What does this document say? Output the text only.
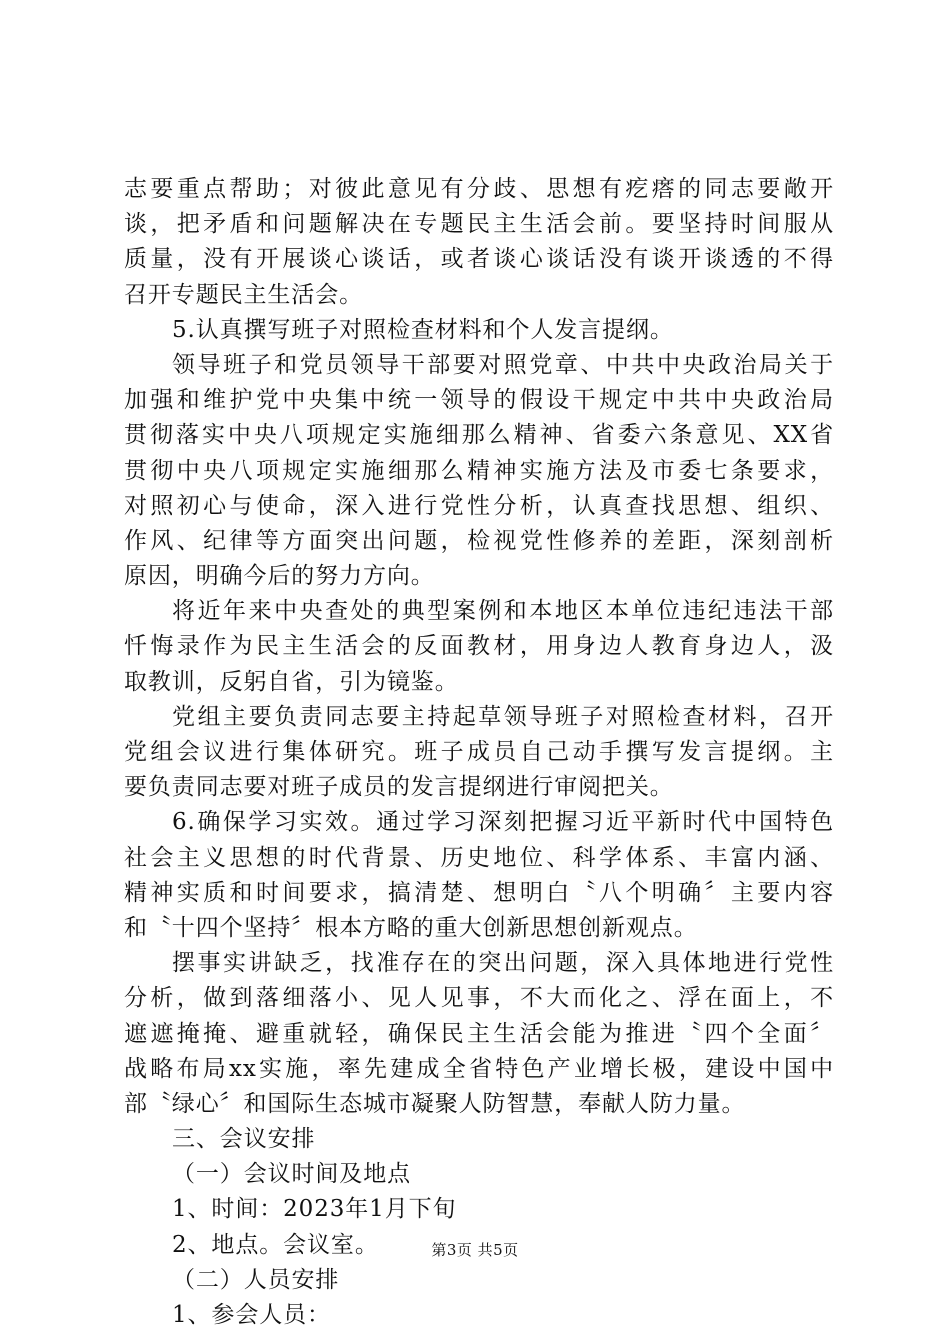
志要重点帮助；对彼此意见有分歧、思想有疙瘩的同志要敞开
谈，把矛盾和问题解决在专题民主生活会前。要坚持时间服从
质量，没有开展谈心谈话，或者谈心谈话没有谈开谈透的不得
召开专题民主生活会。
5.认真撰写班子对照检查材料和个人发言提纲。
领导班子和党员领导干部要对照党章、中共中央政治局关于
加强和维护党中央集中统一领导的假设干规定中共中央政治局
贯彻落实中央八项规定实施细那么精神、省委六条意见、XX省
贯彻中央八项规定实施细那么精神实施方法及市委七条要求，
对照初心与使命，深入进行党性分析，认真查找思想、组织、
作风、纪律等方面突出问题，检视党性修养的差距，深刻剖析
原因，明确今后的努力方向。
将近年来中央查处的典型案例和本地区本单位违纪违法干部
忏悔录作为民主生活会的反面教材，用身边人教育身边人，汲
取教训，反躬自省，引为镜鉴。
党组主要负责同志要主持起草领导班子对照检查材料，召开
党组会议进行集体研究。班子成员自己动手撰写发言提纲。主
要负责同志要对班子成员的发言提纲进行审阅把关。
6.确保学习实效。通过学习深刻把握习近平新时代中国特色
社会主义思想的时代背景、历史地位、科学体系、丰富内涵、
精神实质和时间要求，搞清楚、想明白〝八个明确〞主要内容
和〝十四个坚持〞根本方略的重大创新思想创新观点。
摆事实讲缺乏，找准存在的突出问题，深入具体地进行党性
分析，做到落细落小、见人见事，不大而化之、浮在面上，不
遮遮掩掩、避重就轻，确保民主生活会能为推进〝四个全面〞
战略布局xx实施，率先建成全省特色产业增长极，建设中国中
部〝绿心〞和国际生态城市凝聚人防智慧，奉献人防力量。
三、会议安排
（一）会议时间及地点
1、时间：2023年1月下旬
2、地点。会议室。
（二）人员安排
1、参会人员：
第3页 共5页
